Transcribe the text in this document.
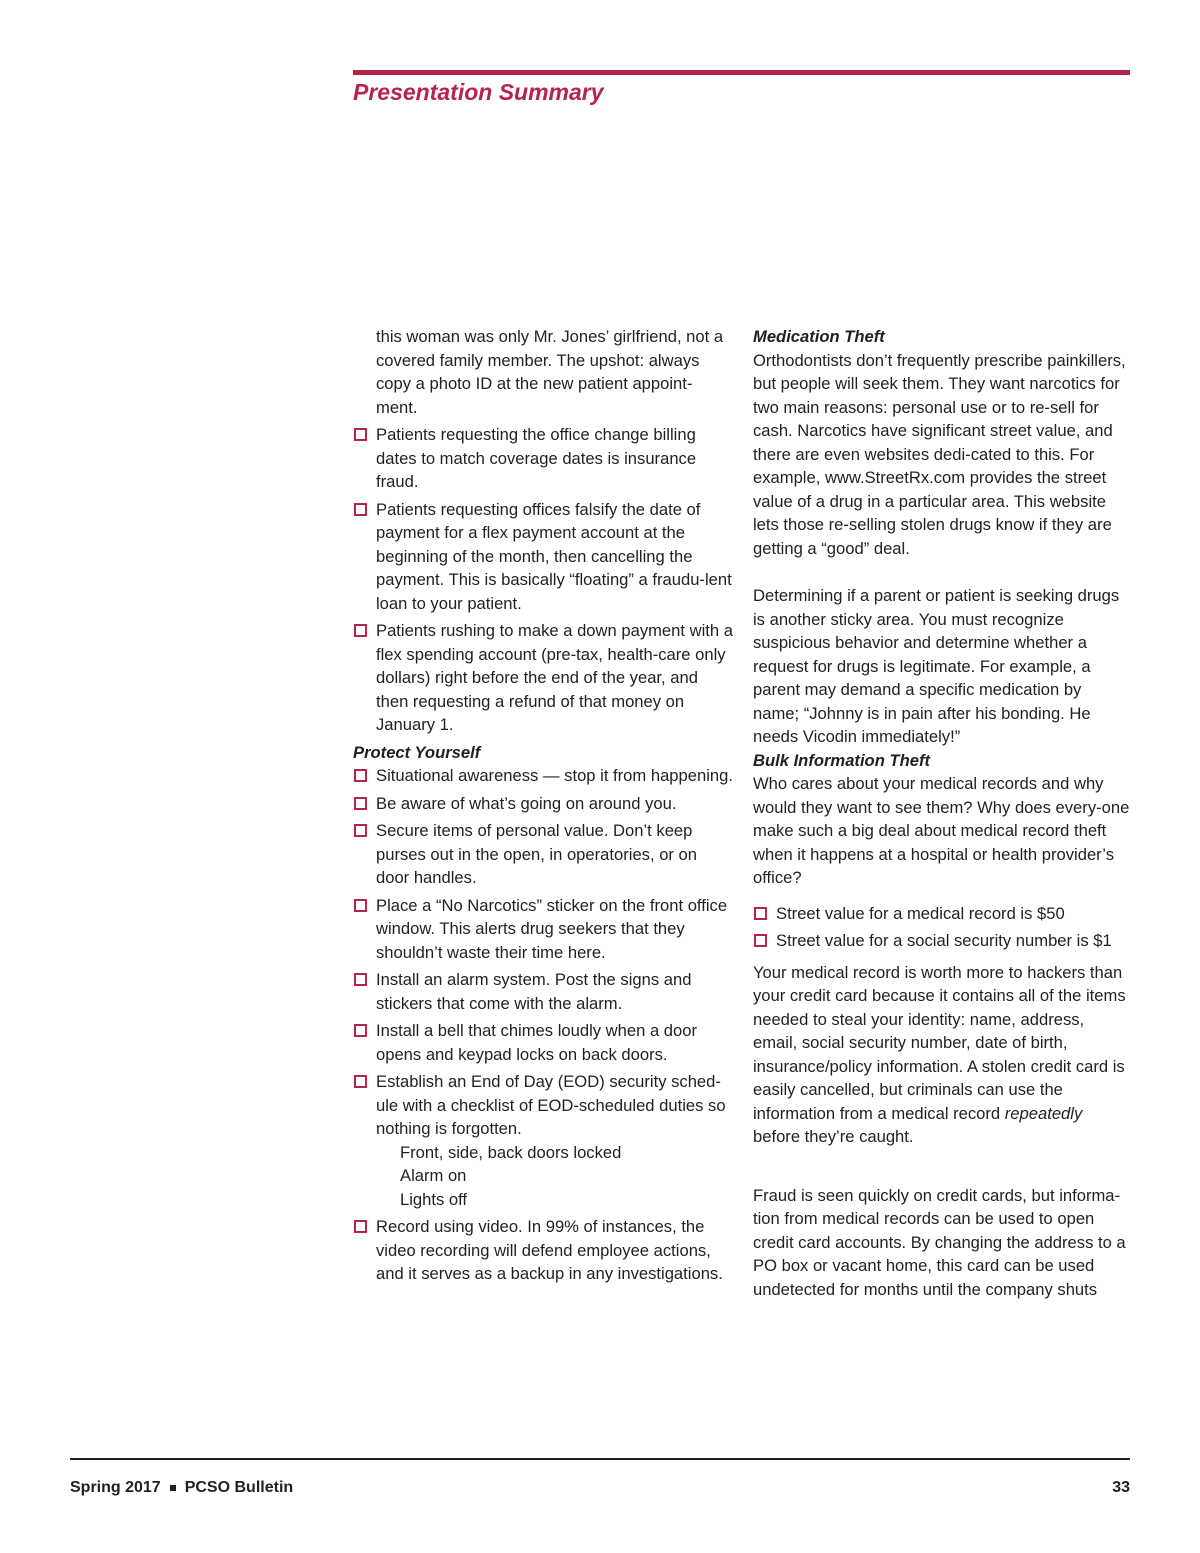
Presentation Summary

this woman was only Mr. Jones’ girlfriend, not a covered family member. The upshot: always copy a photo ID at the new patient appoint-ment.

Patients requesting the office change billing dates to match coverage dates is insurance fraud.
Patients requesting offices falsify the date of payment for a flex payment account at the beginning of the month, then cancelling the payment. This is basically “floating” a fraudu-lent loan to your patient.
Patients rushing to make a down payment with a flex spending account (pre-tax, health-care only dollars) right before the end of the year, and then requesting a refund of that money on January 1.
Protect Yourself
Situational awareness — stop it from happening.
Be aware of what’s going on around you.
Secure items of personal value. Don’t keep purses out in the open, in operatories, or on door handles.
Place a “No Narcotics” sticker on the front office window. This alerts drug seekers that they shouldn’t waste their time here.
Install an alarm system. Post the signs and stickers that come with the alarm.
Install a bell that chimes loudly when a door opens and keypad locks on back doors.
Establish an End of Day (EOD) security sched-ule with a checklist of EOD-scheduled duties so nothing is forgotten.
Front, side, back doors locked
Alarm on
Lights off
Record using video. In 99% of instances, the video recording will defend employee actions, and it serves as a backup in any investigations.
Medication Theft

Orthodontists don’t frequently prescribe painkillers, but people will seek them. They want narcotics for two main reasons: personal use or to re-sell for cash. Narcotics have significant street value, and there are even websites dedi-cated to this. For example, www.StreetRx.com provides the street value of a drug in a particular area. This website lets those re-selling stolen drugs know if they are getting a “good” deal.

Determining if a parent or patient is seeking drugs is another sticky area. You must recognize suspicious behavior and determine whether a request for drugs is legitimate. For example, a parent may demand a specific medication by name; “Johnny is in pain after his bonding. He needs Vicodin immediately!”

Bulk Information Theft

Who cares about your medical records and why would they want to see them? Why does every-one make such a big deal about medical record theft when it happens at a hospital or health provider’s office?

Street value for a medical record is $50
Street value for a social security number is $1

Your medical record is worth more to hackers than your credit card because it contains all of the items needed to steal your identity: name, address, email, social security number, date of birth, insurance/policy information. A stolen credit card is easily cancelled, but criminals can use the information from a medical record repeatedly before they’re caught.

Fraud is seen quickly on credit cards, but informa-tion from medical records can be used to open credit card accounts. By changing the address to a PO box or vacant home, this card can be used undetected for months until the company shuts

Spring 2017 PCSO Bulletin	33
